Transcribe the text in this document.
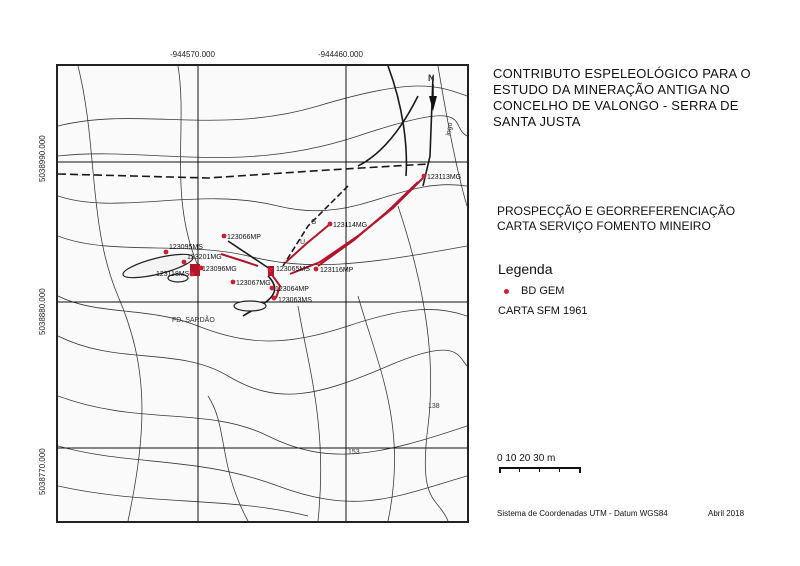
-944570.000	-944460.000
5038990.000
5038880.000
5038770.000
FD. SARDÃO
ingo
G
U
138
153
N
123113MG
123114MG
123066MP
123095MS
123201MG
123118MS
123096MG
123067MG
123065MS 123116MP
123064MP
123063MS
CONTRIBUTO ESPELEOLÓGICO PARA O ESTUDO DA MINERAÇÃO ANTIGA NO CONCELHO DE VALONGO - SERRA DE SANTA JUSTA
PROSPECÇÃO E GEORREFERENCIAÇÃO
CARTA SERVIÇO FOMENTO MINEIRO
Legenda
BD GEM
CARTA SFM 1961
0 10 20 30 m
Sistema de Coordenadas UTM - Datum WGS84	Abril 2018
